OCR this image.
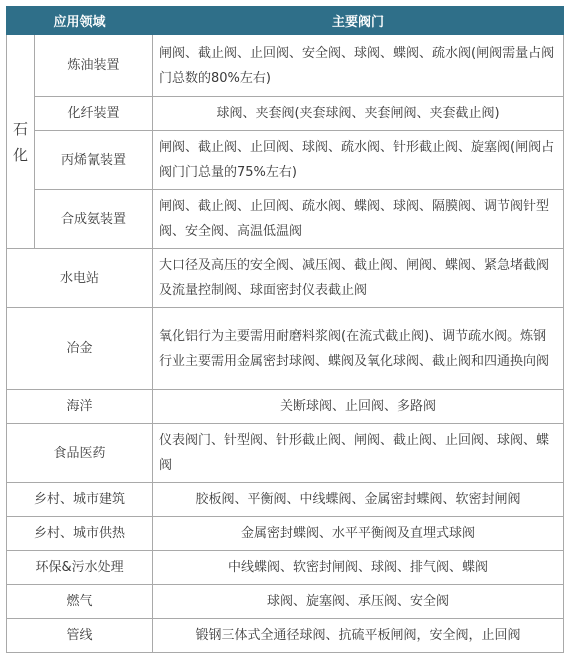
应用领域		主要阀门

石
化	炼油装置	闸阀、截止阀、止回阀、安全阀、球阀、蝶阀、疏水阀(闸阀需量占阀门总数的80%左右)
	化纤装置	球阀、夹套阀(夹套球阀、夹套闸阀、夹套截止阀)
	丙烯氰装置	闸阀、截止阀、止回阀、球阀、疏水阀、针形截止阀、旋塞阀(闸阀占阀门门总量的75%左右)
	合成氨装置	闸阀、截止阀、止回阀、疏水阀、蝶阀、球阀、隔膜阀、调节阀针型阀、安全阀、高温低温阀
水电站		大口径及高压的安全阀、减压阀、截止阀、闸阀、蝶阀、紧急堵截阀及流量控制阀、球面密封仪表截止阀
冶金		氧化铝行为主要需用耐磨料浆阀(在流式截止阀)、调节疏水阀。炼钢行业主要需用金属密封球阀、蝶阀及氧化球阀、截止阀和四通换向阀
海洋		关断球阀、止回阀、多路阀
食品医药		仪表阀门、针型阀、针形截止阀、闸阀、截止阀、止回阀、球阀、蝶阀
乡村、城市建筑		胶板阀、平衡阀、中线蝶阀、金属密封蝶阀、软密封闸阀
乡村、城市供热		金属密封蝶阀、水平平衡阀及直埋式球阀
环保&污水处理		中线蝶阀、软密封闸阀、球阀、排气阀、蝶阀
燃气		球阀、旋塞阀、承压阀、安全阀
管线		锻钢三体式全通径球阀、抗硫平板闸阀，安全阀，止回阀
